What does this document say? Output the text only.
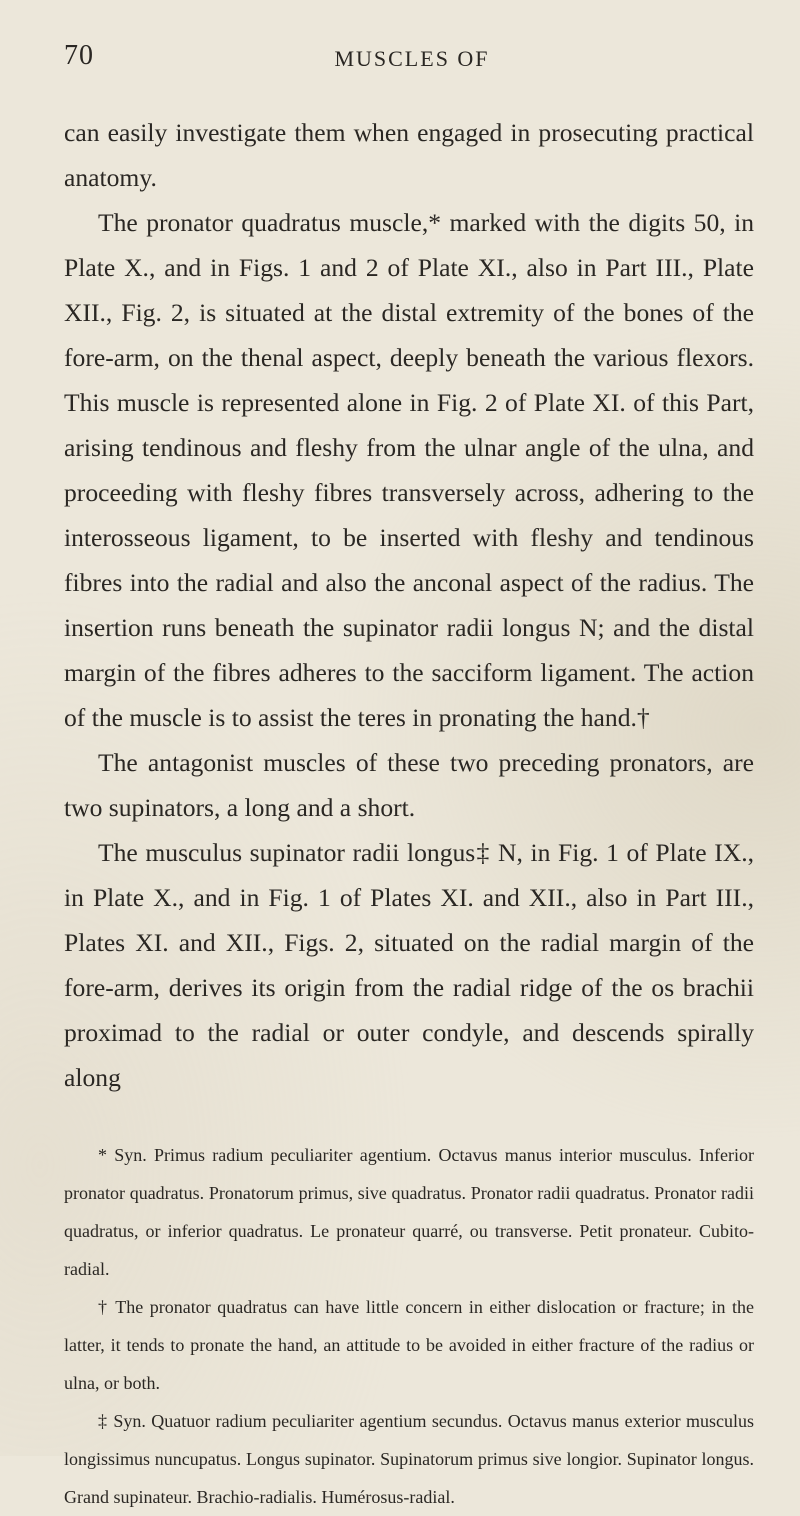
70	MUSCLES OF

can easily investigate them when engaged in prosecuting practical anatomy.

The pronator quadratus muscle,* marked with the digits 50, in Plate X., and in Figs. 1 and 2 of Plate XI., also in Part III., Plate XII., Fig. 2, is situated at the distal extremity of the bones of the fore-arm, on the thenal aspect, deeply beneath the various flexors. This muscle is represented alone in Fig. 2 of Plate XI. of this Part, arising tendinous and fleshy from the ulnar angle of the ulna, and proceeding with fleshy fibres transversely across, adhering to the interosseous ligament, to be inserted with fleshy and tendinous fibres into the radial and also the anconal aspect of the radius. The insertion runs beneath the supinator radii longus N; and the distal margin of the fibres adheres to the sacciform ligament. The action of the muscle is to assist the teres in pronating the hand.†

The antagonist muscles of these two preceding pronators, are two supinators, a long and a short.

The musculus supinator radii longus‡ N, in Fig. 1 of Plate IX., in Plate X., and in Fig. 1 of Plates XI. and XII., also in Part III., Plates XI. and XII., Figs. 2, situated on the radial margin of the fore-arm, derives its origin from the radial ridge of the os brachii proximad to the radial or outer condyle, and descends spirally along

* Syn. Primus radium peculiariter agentium. Octavus manus interior musculus. Inferior pronator quadratus. Pronatorum primus, sive quadratus. Pronator radii quadratus. Pronator radii quadratus, or inferior quadratus. Le pronateur quarré, ou transverse. Petit pronateur. Cubito-radial.

† The pronator quadratus can have little concern in either dislocation or fracture; in the latter, it tends to pronate the hand, an attitude to be avoided in either fracture of the radius or ulna, or both.

‡ Syn. Quatuor radium peculiariter agentium secundus. Octavus manus exterior musculus longissimus nuncupatus. Longus supinator. Supinatorum primus sive longior. Supinator longus. Grand supinateur. Brachio-radialis. Humérosus-radial.
